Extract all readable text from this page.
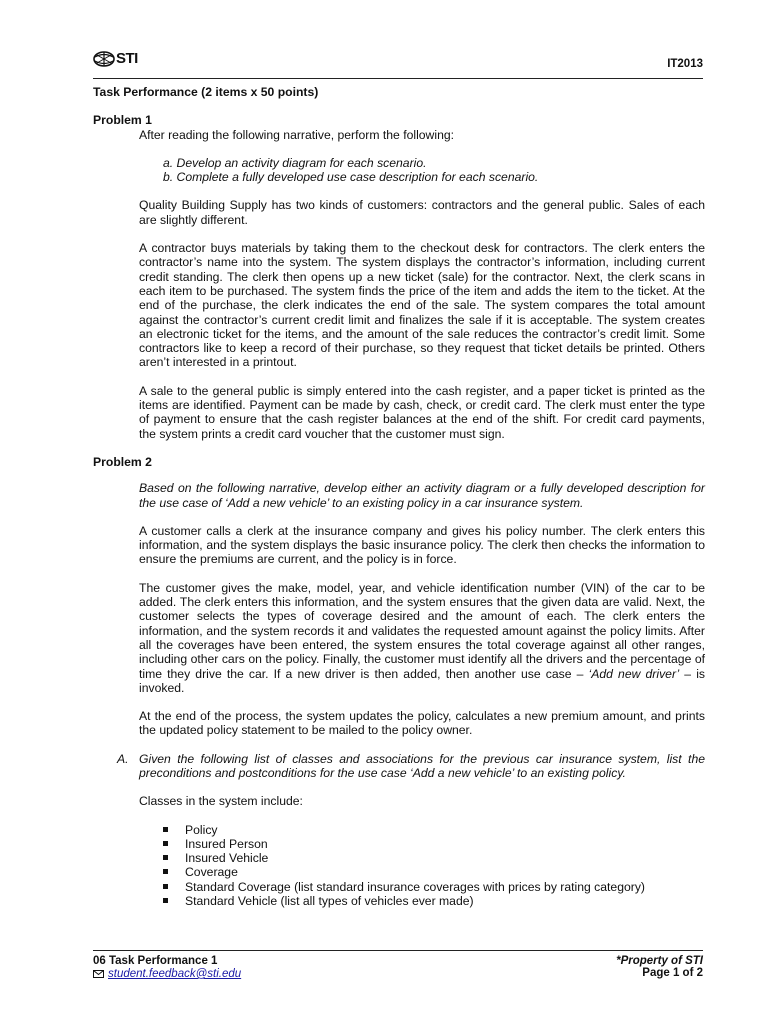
STI	IT2013

Task Performance (2 items x 50 points)

Problem 1

After reading the following narrative, perform the following:

a. Develop an activity diagram for each scenario.

b. Complete a fully developed use case description for each scenario.

Quality Building Supply has two kinds of customers: contractors and the general public. Sales of each are slightly different.

A contractor buys materials by taking them to the checkout desk for contractors. The clerk enters the contractor’s name into the system. The system displays the contractor’s information, including current credit standing. The clerk then opens up a new ticket (sale) for the contractor. Next, the clerk scans in each item to be purchased. The system finds the price of the item and adds the item to the ticket. At the end of the purchase, the clerk indicates the end of the sale. The system compares the total amount against the contractor’s current credit limit and finalizes the sale if it is acceptable. The system creates an electronic ticket for the items, and the amount of the sale reduces the contractor’s credit limit. Some contractors like to keep a record of their purchase, so they request that ticket details be printed. Others aren’t interested in a printout.

A sale to the general public is simply entered into the cash register, and a paper ticket is printed as the items are identified. Payment can be made by cash, check, or credit card. The clerk must enter the type of payment to ensure that the cash register balances at the end of the shift. For credit card payments, the system prints a credit card voucher that the customer must sign.

Problem 2

Based on the following narrative, develop either an activity diagram or a fully developed description for the use case of ‘Add a new vehicle’ to an existing policy in a car insurance system.

A customer calls a clerk at the insurance company and gives his policy number. The clerk enters this information, and the system displays the basic insurance policy. The clerk then checks the information to ensure the premiums are current, and the policy is in force.

The customer gives the make, model, year, and vehicle identification number (VIN) of the car to be added. The clerk enters this information, and the system ensures that the given data are valid. Next, the customer selects the types of coverage desired and the amount of each. The clerk enters the information, and the system records it and validates the requested amount against the policy limits. After all the coverages have been entered, the system ensures the total coverage against all other ranges, including other cars on the policy. Finally, the customer must identify all the drivers and the percentage of time they drive the car. If a new driver is then added, then another use case – ‘Add new driver’ – is invoked.

At the end of the process, the system updates the policy, calculates a new premium amount, and prints the updated policy statement to be mailed to the policy owner.

A. Given the following list of classes and associations for the previous car insurance system, list the preconditions and postconditions for the use case ‘Add a new vehicle’ to an existing policy.

Classes in the system include:

Policy
Insured Person
Insured Vehicle
Coverage
Standard Coverage (list standard insurance coverages with prices by rating category)
Standard Vehicle (list all types of vehicles ever made)
06 Task Performance 1
student.feedback@sti.edu
*Property of STI
Page 1 of 2
